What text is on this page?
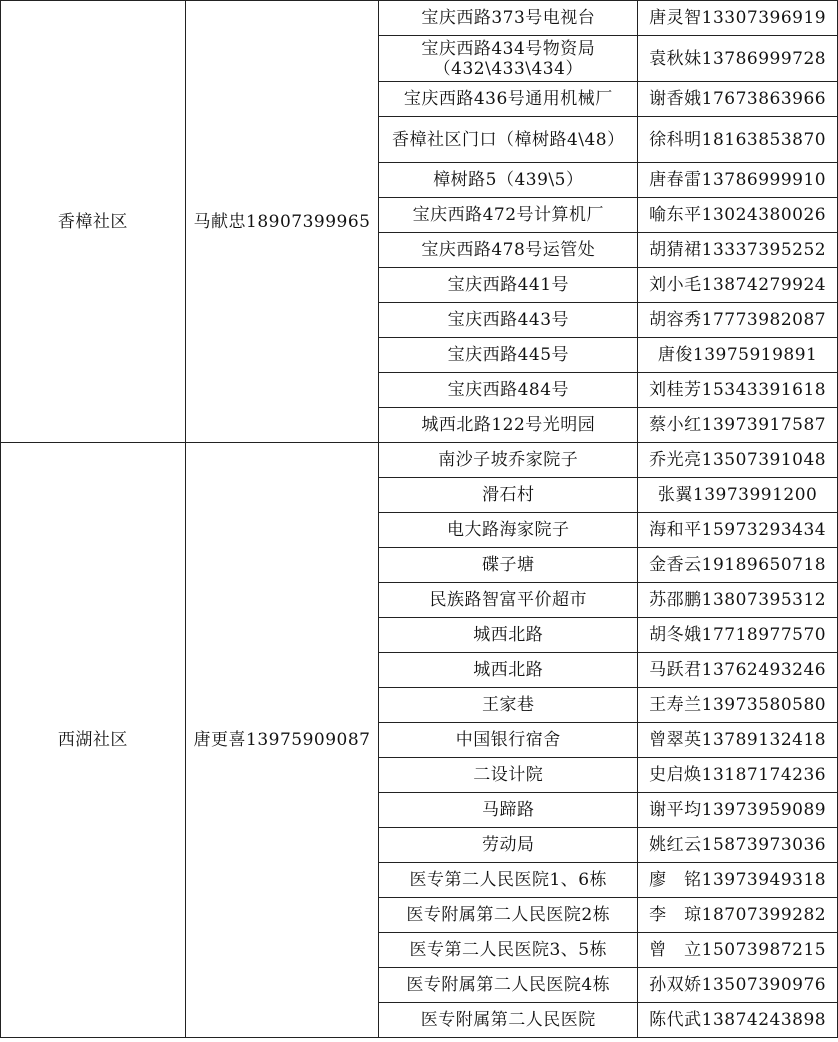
香樟社区	马献忠18907399965	宝庆西路373号电视台	唐灵智13307396919
		宝庆西路434号物资局（432\433\434）	袁秋妹13786999728
		宝庆西路436号通用机械厂	谢香娥17673863966
		香樟社区门口（樟树路4\48）	徐科明18163853870
		樟树路5（439\5）	唐春雷13786999910
		宝庆西路472号计算机厂	喻东平13024380026
		宝庆西路478号运管处	胡猜裙13337395252
		宝庆西路441号	刘小毛13874279924
		宝庆西路443号	胡容秀17773982087
		宝庆西路445号	唐俊13975919891
		宝庆西路484号	刘桂芳15343391618
		城西北路122号光明园	蔡小红13973917587
西湖社区	唐更喜13975909087	南沙子坡乔家院子	乔光亮13507391048
		滑石村	张翼13973991200
		电大路海家院子	海和平15973293434
		碟子塘	金香云19189650718
		民族路智富平价超市	苏邵鹏13807395312
		城西北路	胡冬娥17718977570
		城西北路	马跃君13762493246
		王家巷	王寿兰13973580580
		中国银行宿舍	曾翠英13789132418
		二设计院	史启焕13187174236
		马蹄路	谢平均13973959089
		劳动局	姚红云15873973036
		医专第二人民医院1、6栋	廖　铭13973949318
		医专附属第二人民医院2栋	李　琼18707399282
		医专第二人民医院3、5栋	曾　立15073987215
		医专附属第二人民医院4栋	孙双娇13507390976
		医专附属第二人民医院	陈代武13874243898
